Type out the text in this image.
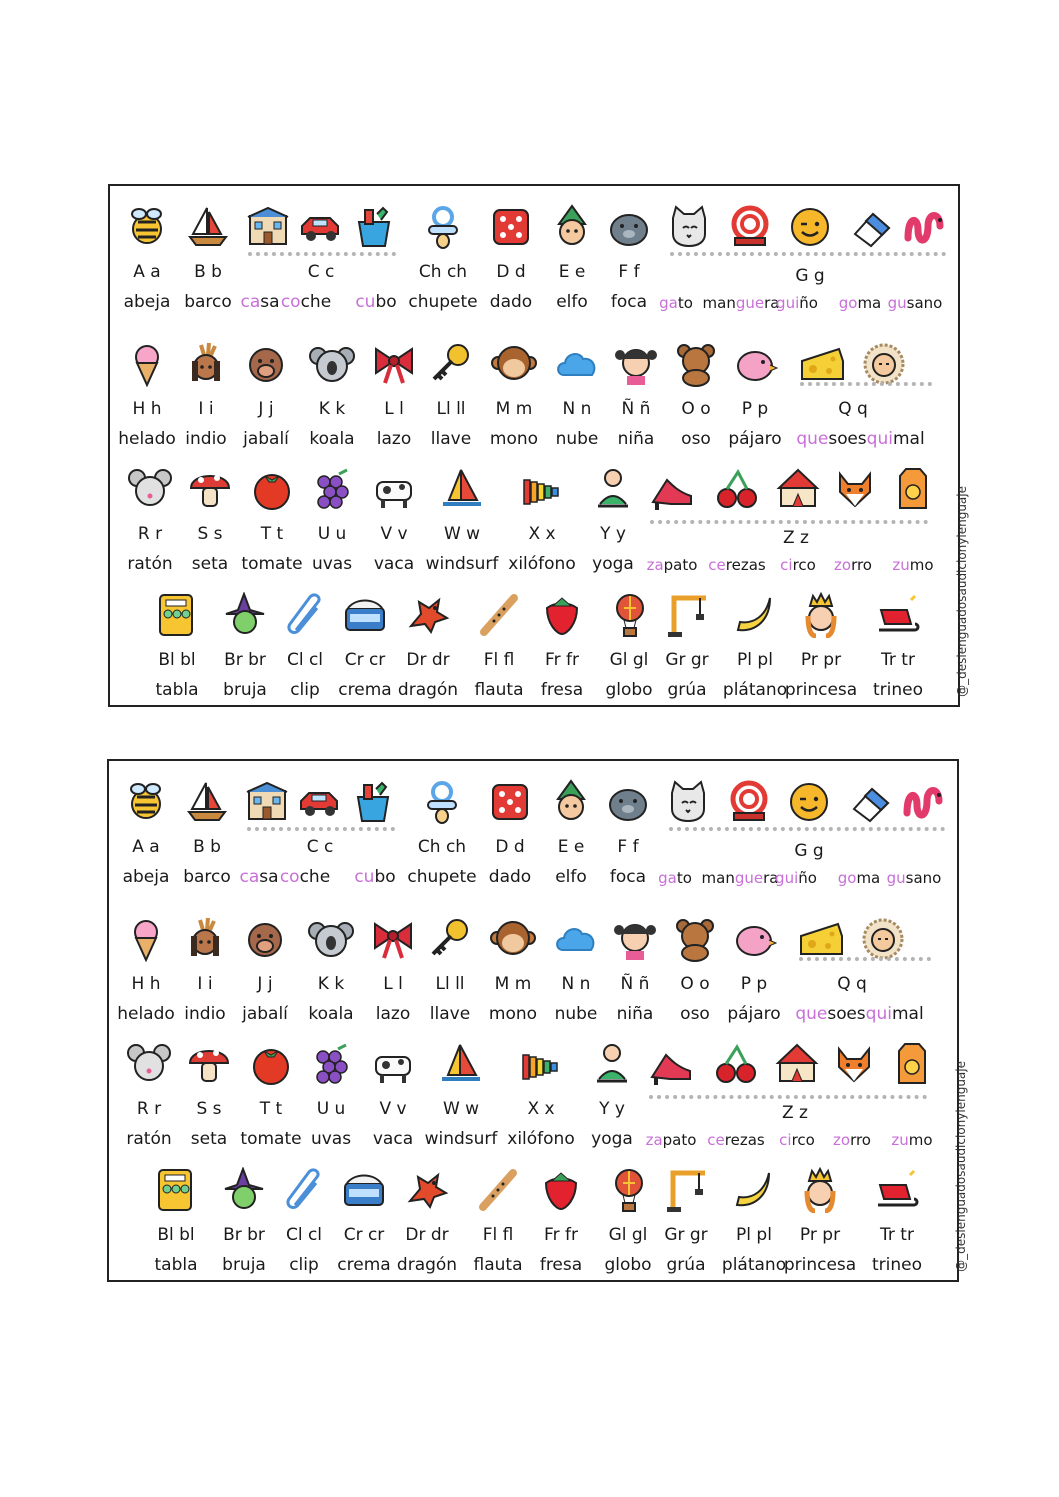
A a
abeja
B b
barco casa
C c
coche cubo
Ch ch
chupete
D d
dado
E e
elfo
F f
foca gato manguera
G g
guiño goma gusano
H h
helado
I i
indio
J j
jabalí
K k
koala
L l
lazo
Ll ll
llave
M m
mono
N n
nube
Ñ ñ
niña
O o
oso
P p
pájaro
Q q
queso esquimal
R r
ratón
S s
seta
T t
tomate
U u
uvas
V v
vaca
W w
windsurf
X x
xilófono
Y y
yoga zapato cerezas
Z z
circo zorro zumo
Bl bl
tabla
Br br
bruja
Cl cl
clip
Cr cr
crema
Dr dr
dragón
Fl fl
flauta
Fr fr
fresa
Gl gl
globo
Gr gr
grúa
Pl pl
plátano
Pr pr
princesa
Tr tr
trineo	@_deslenguadosaudicionylenguaje
A a
abeja
B b
barco casa
C c
coche cubo
Ch ch
chupete
D d
dado
E e
elfo
F f
foca gato manguera
G g
guiño goma gusano
H h
helado
I i
indio
J j
jabalí
K k
koala
L l
lazo
Ll ll
llave
M m
mono
N n
nube
Ñ ñ
niña
O o
oso
P p
pájaro
Q q
queso esquimal
R r
ratón
S s
seta
T t
tomate
U u
uvas
V v
vaca
W w
windsurf
X x
xilófono
Y y
yoga zapato cerezas
Z z
circo zorro zumo
Bl bl
tabla
Br br
bruja
Cl cl
clip
Cr cr
crema
Dr dr
dragón
Fl fl
flauta
Fr fr
fresa
Gl gl
globo
Gr gr
grúa
Pl pl
plátano
Pr pr
princesa
Tr tr
trineo	@_deslenguadosaudicionylenguaje
